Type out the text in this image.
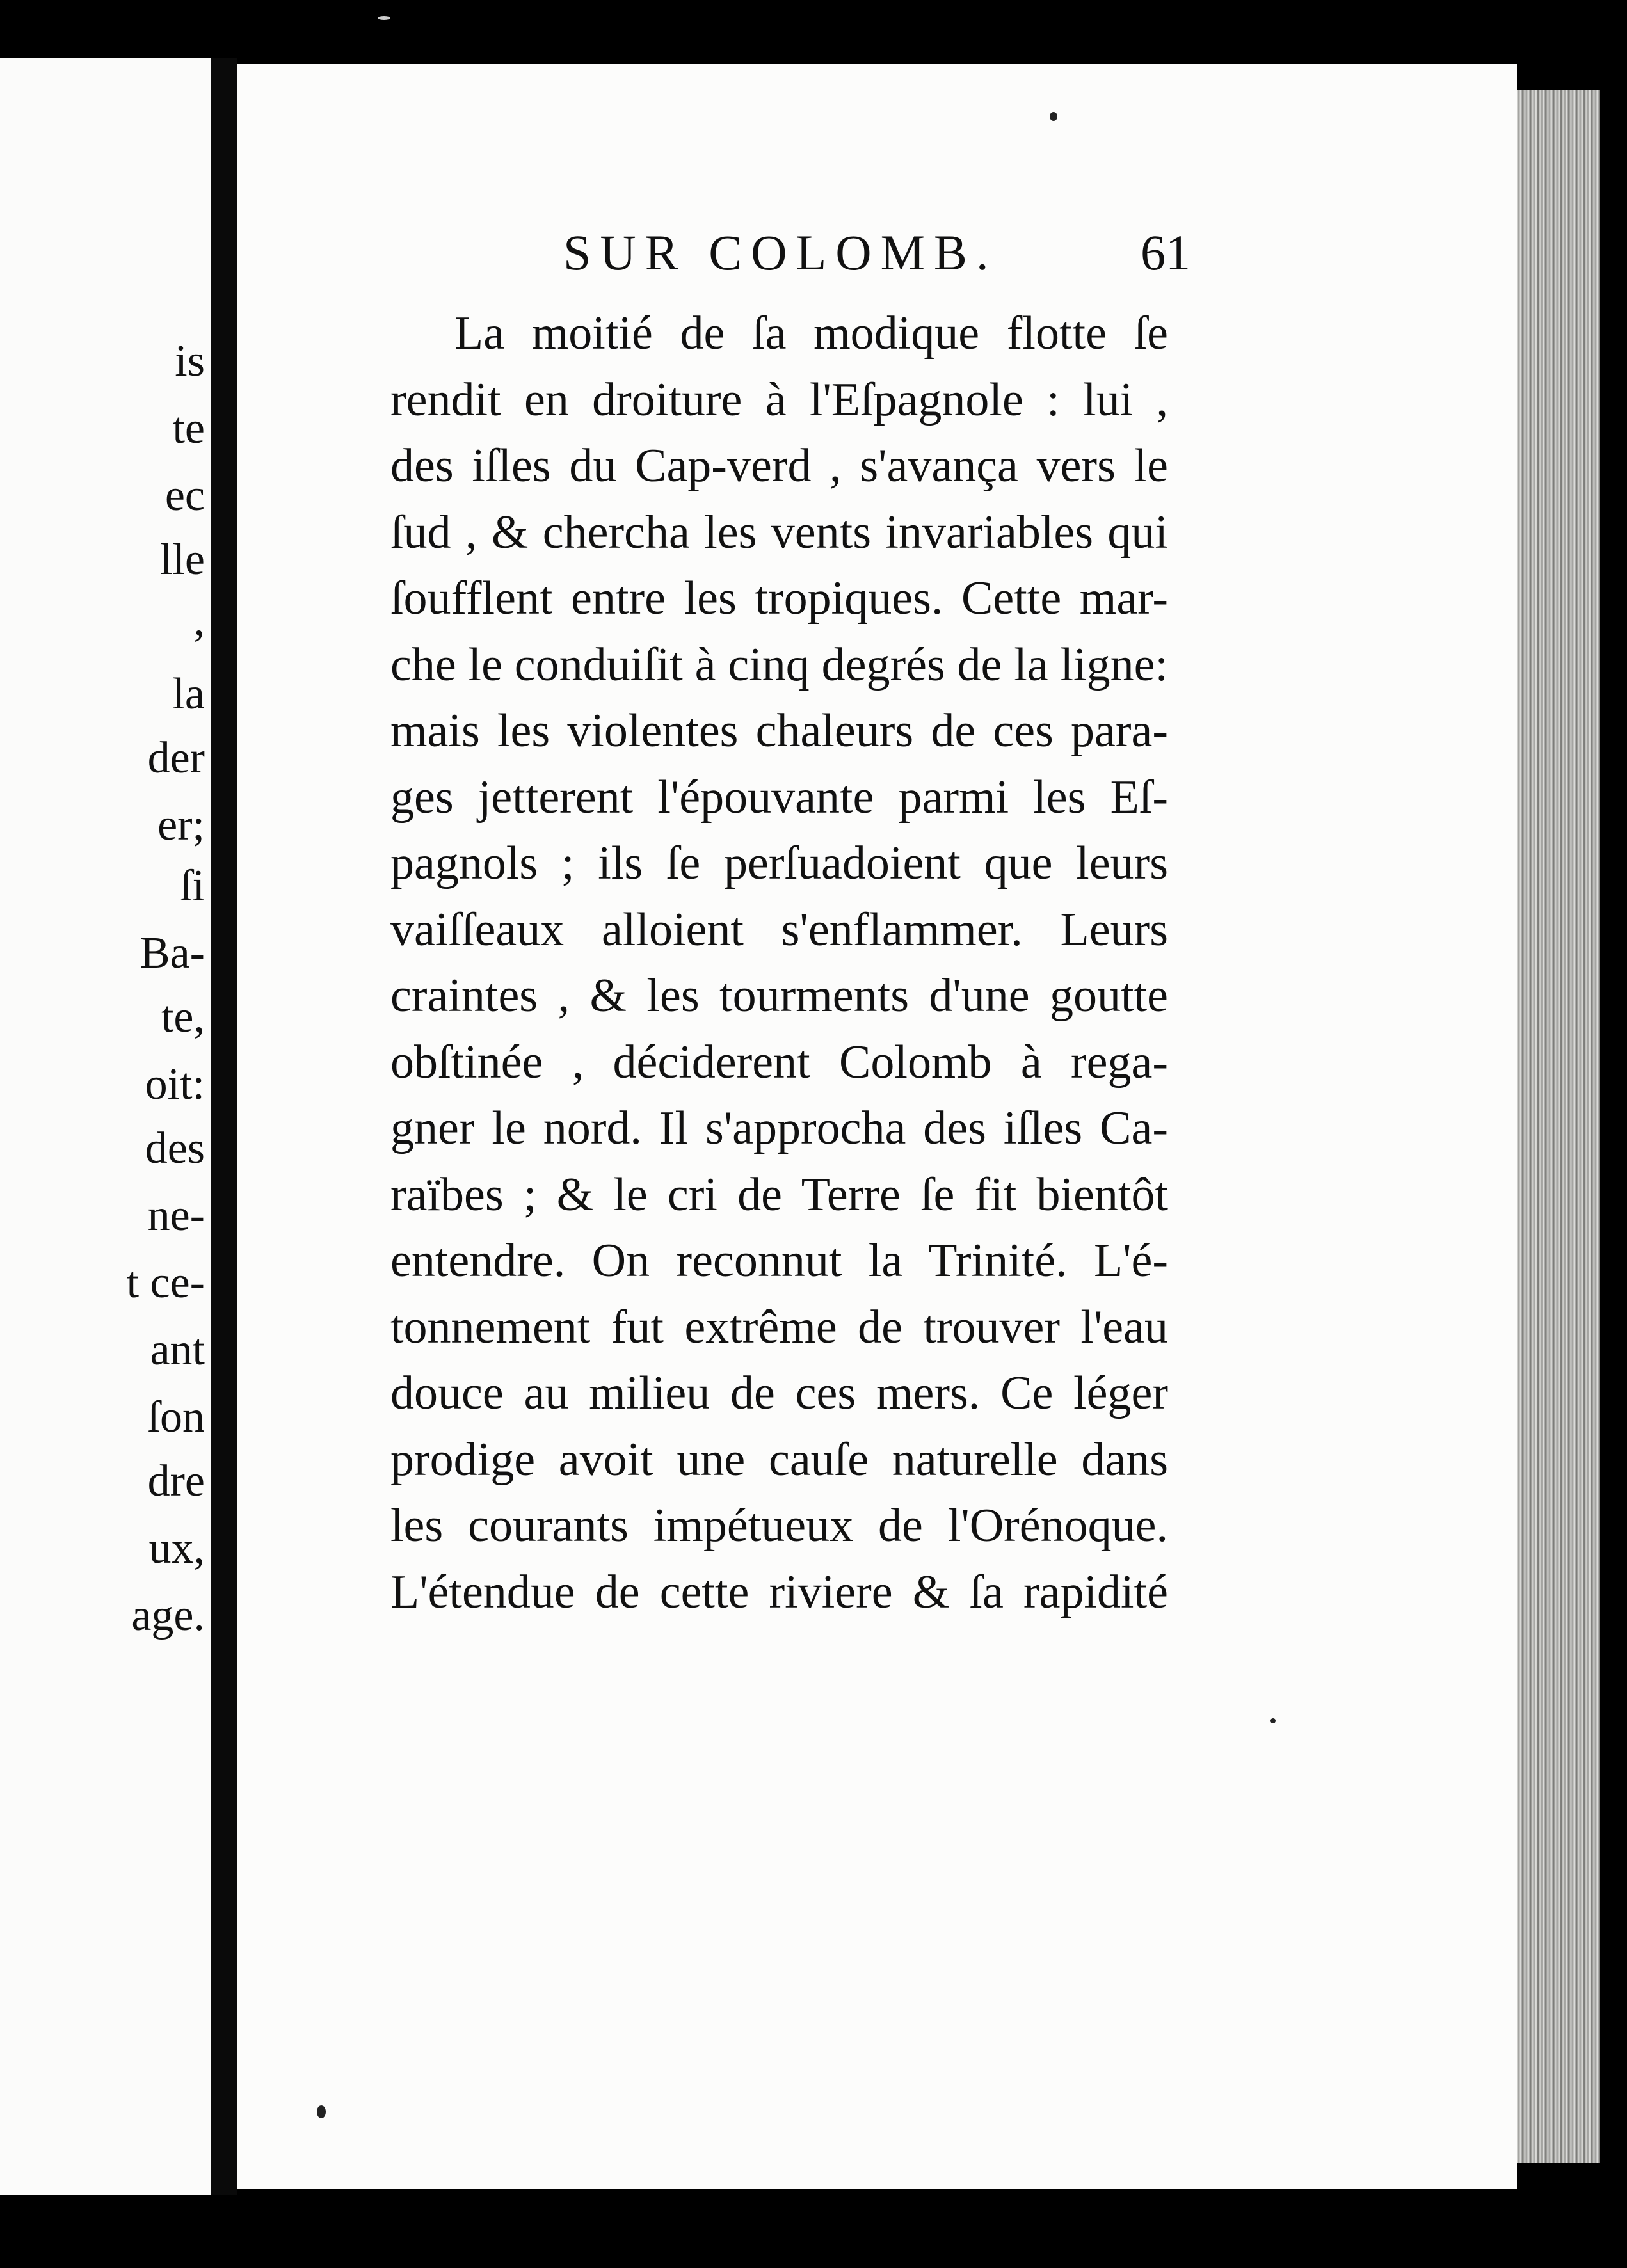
is
te
ec
lle
,
la
der
er;
ſi
Ba-
te,
oit:
des
ne-
t ce-
ant
ſon
dre
ux,
age.
SUR COLOMB.	61
La moitié de ſa modique flotte ſe
rendit en droiture à l'Eſpagnole : lui ,
des iſles du Cap-verd , s'avança vers le
ſud , & chercha les vents invariables qui
ſoufflent entre les tropiques. Cette mar-
che le conduiſit à cinq degrés de la ligne:
mais les violentes chaleurs de ces para-
ges jetterent l'épouvante parmi les Eſ-
pagnols ; ils ſe perſuadoient que leurs
vaiſſeaux alloient s'enflammer. Leurs
craintes , & les tourments d'une goutte
obſtinée , déciderent Colomb à rega-
gner le nord. Il s'approcha des iſles Ca-
raïbes ; & le cri de Terre ſe fit bientôt
entendre. On reconnut la Trinité. L'é-
tonnement fut extrême de trouver l'eau
douce au milieu de ces mers. Ce léger
prodige avoit une cauſe naturelle dans
les courants impétueux de l'Orénoque.
L'étendue de cette riviere & ſa rapidité
